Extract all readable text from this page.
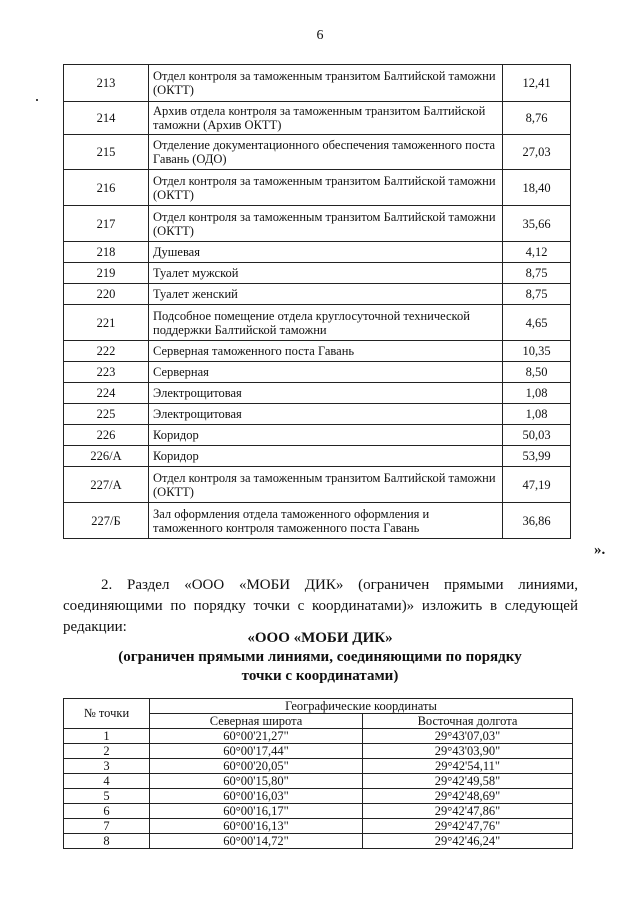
6
213	Отдел контроля за таможенным транзитом Балтийской таможни (ОКТТ)	12,41
214	Архив отдела контроля за таможенным транзитом Балтийской таможни (Архив ОКТТ)	8,76
215	Отделение документационного обеспечения таможенного поста Гавань (ОДО)	27,03
216	Отдел контроля за таможенным транзитом Балтийской таможни (ОКТТ)	18,40
217	Отдел контроля за таможенным транзитом Балтийской таможни (ОКТТ)	35,66
218	Душевая	4,12
219	Туалет мужской	8,75
220	Туалет женский	8,75
221	Подсобное помещение отдела круглосуточной технической поддержки Балтийской таможни	4,65
222	Серверная таможенного поста Гавань	10,35
223	Серверная	8,50
224	Электрощитовая	1,08
225	Электрощитовая	1,08
226	Коридор	50,03
226/А	Коридор	53,99
227/А	Отдел контроля за таможенным транзитом Балтийской таможни (ОКТТ)	47,19
227/Б	Зал оформления отдела таможенного оформления и таможенного контроля таможенного поста Гавань	36,86
».
2. Раздел «ООО «МОБИ ДИК» (ограничен прямыми линиями, соединяющими по порядку точки с координатами)» изложить в следующей редакции:
«ООО «МОБИ ДИК»
(ограничен прямыми линиями, соединяющими по порядку точки с координатами)
№ точки	Географические координаты	
	Северная широта	Восточная долгота
1	60°00'21,27"	29°43'07,03"
2	60°00'17,44"	29°43'03,90"
3	60°00'20,05"	29°42'54,11"
4	60°00'15,80"	29°42'49,58"
5	60°00'16,03"	29°42'48,69"
6	60°00'16,17"	29°42'47,86"
7	60°00'16,13"	29°42'47,76"
8	60°00'14,72"	29°42'46,24"
